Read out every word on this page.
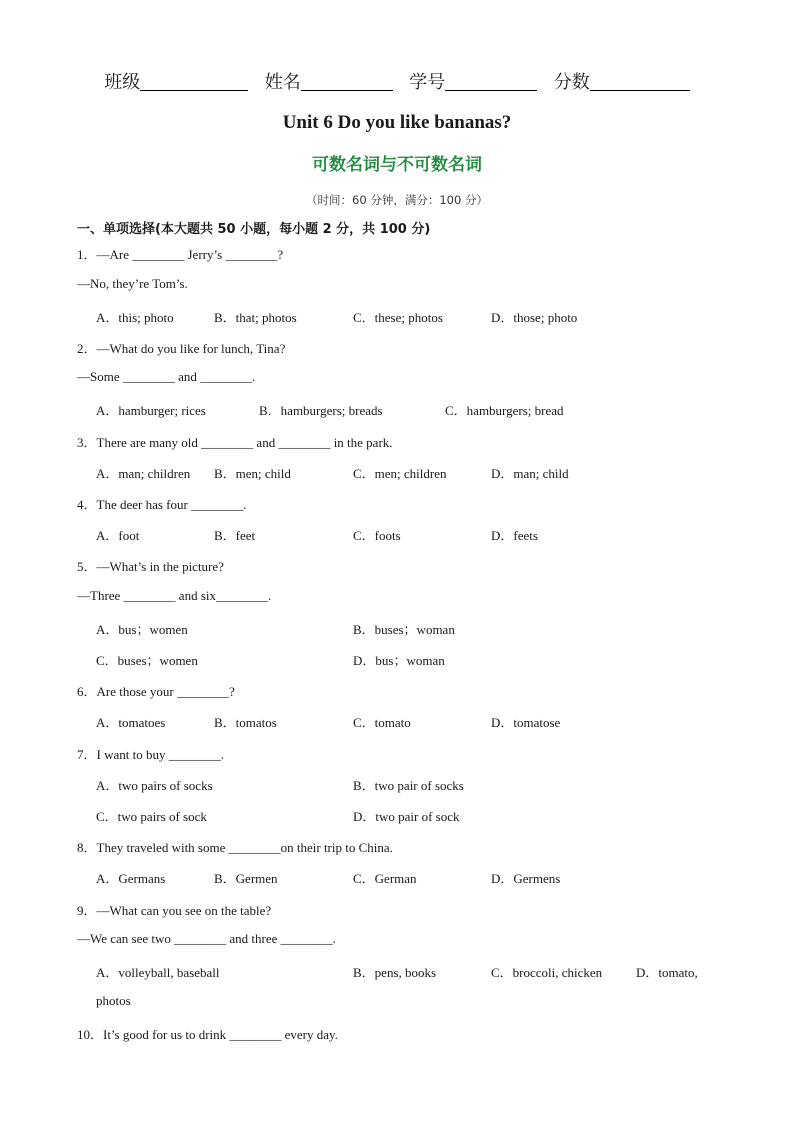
班级	姓名	学号	分数
Unit 6 Do you like bananas?
可数名词与不可数名词
（时间：60 分钟，满分：100 分）
一、单项选择(本大题共 50 小题，每小题 2 分，共 100 分)
1．—Are ________ Jerry’s ________?
—No, they’re Tom’s.
A．this; photo	B．that; photos	C．these; photos	D．those; photo
2．—What do you like for lunch, Tina?
—Some ________ and ________.
A．hamburger; rices	B．hamburgers; breads	C．hamburgers; bread
3．There are many old ________ and ________ in the park.
A．man; children B．men; child	C．men; children	D．man; child
4．The deer has four ________.
A．foot	B．feet	C．foots	D．feets
5．—What’s in the picture?
—Three ________ and six________.
A．bus；women	B．buses；woman
C．buses；women	D．bus；woman
6．Are those your ________?
A．tomatoes	B．tomatos	C．tomato	D．tomatose
7．I want to buy ________.
A．two pairs of socks	B．two pair of socks
C．two pairs of sock	D．two pair of sock
8．They traveled with some ________on their trip to China.
A．Germans	B．Germen	C．German	D．Germens
9．—What can you see on the table?
—We can see two ________ and three ________.
A．volleyball, baseball	B．pens, books	C．broccoli, chicken	D．tomato,
photos
10．It’s good for us to drink ________ every day.
